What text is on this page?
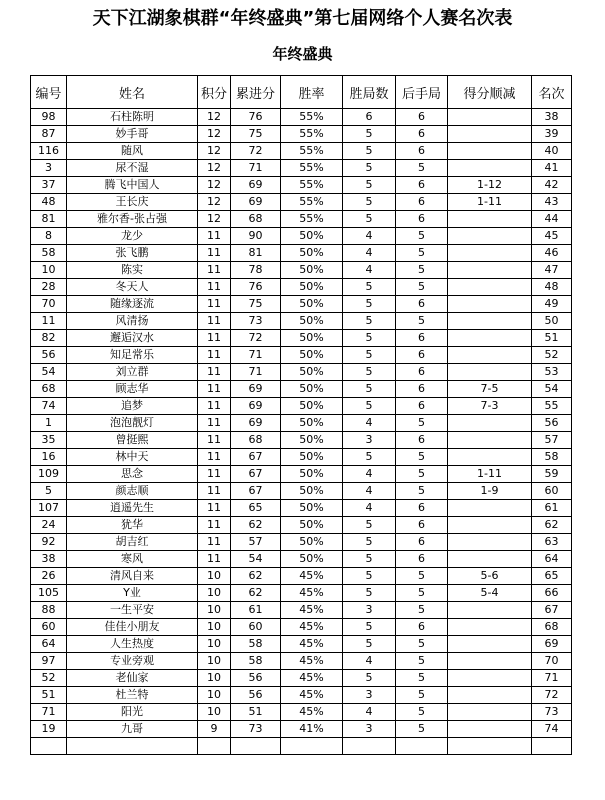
天下江湖象棋群“年终盛典”第七届网络个人赛名次表
年终盛典
编号	姓名	积分	累进分	胜率	胜局数	后手局	得分顺减	名次
98	石柱陈明	12	76	55%	6	6		38
87	妙手哥	12	75	55%	5	6		39
116	随风	12	72	55%	5	6		40
3	尿不湿	12	71	55%	5	5		41
37	腾飞中国人	12	69	55%	5	6	1-12	42
48	王长庆	12	69	55%	5	6	1-11	43
81	雅尔香-张占强	12	68	55%	5	6		44
8	龙少	11	90	50%	4	5		45
58	张飞鹏	11	81	50%	4	5		46
10	陈实	11	78	50%	4	5		47
28	冬天人	11	76	50%	5	5		48
70	随缘逐流	11	75	50%	5	6		49
11	风清扬	11	73	50%	5	5		50
82	邂逅汉水	11	72	50%	5	6		51
56	知足常乐	11	71	50%	5	6		52
54	刘立群	11	71	50%	5	6		53
68	顾志华	11	69	50%	5	6	7-5	54
74	追梦	11	69	50%	5	6	7-3	55
1	泡泡靓灯	11	69	50%	4	5		56
35	曾挺熙	11	68	50%	3	6		57
16	林中天	11	67	50%	5	5		58
109	思念	11	67	50%	4	5	1-11	59
5	颜志顺	11	67	50%	4	5	1-9	60
107	逍遥先生	11	65	50%	4	6		61
24	犹华	11	62	50%	5	6		62
92	胡吉红	11	57	50%	5	6		63
38	寒风	11	54	50%	5	6		64
26	清风自来	10	62	45%	5	5	5-6	65
105	Y业	10	62	45%	5	5	5-4	66
88	一生平安	10	61	45%	3	5		67
60	佳佳小朋友	10	60	45%	5	6		68
64	人生热度	10	58	45%	5	5		69
97	专业旁观	10	58	45%	4	5		70
52	老仙家	10	56	45%	5	5		71
51	杜兰特	10	56	45%	3	5		72
71	阳光	10	51	45%	4	5		73
19	九哥	9	73	41%	3	5		74
